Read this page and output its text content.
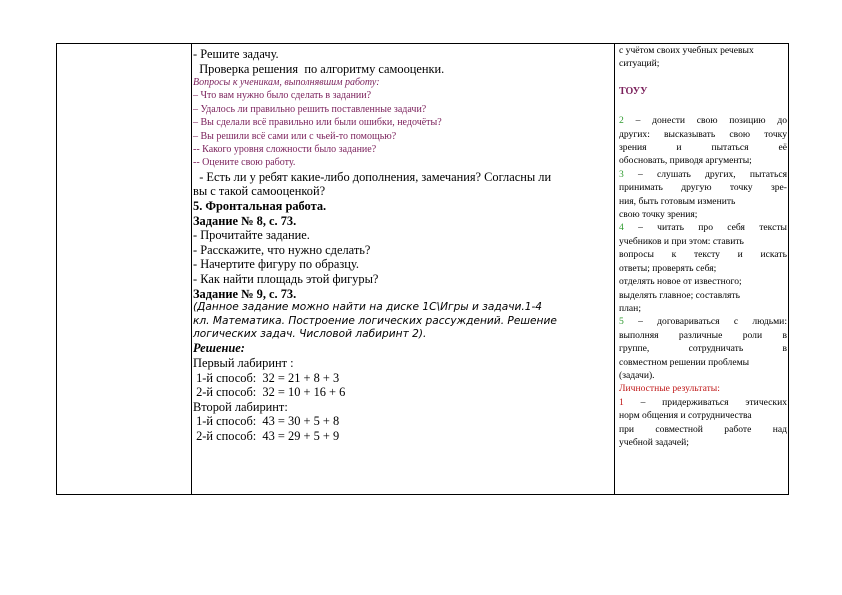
- Решите задачу.
Проверка решения  по алгоритму самооценки.
Вопросы к ученикам, выполнявшим работу:
– Что вам нужно было сделать в задании?
– Удалось ли правильно решить поставленные задачи?
– Вы сделали всё правильно или были ошибки, недочёты?
– Вы решили всё сами или с чьей-то помощью?
-- Какого уровня сложности было задание?
-- Оцените свою работу.
- Есть ли у ребят какие-либо дополнения, замечания? Согласны ли
вы с такой самооценкой?
5. Фронтальная работа.
Задание № 8, с. 73.
- Прочитайте задание.
- Расскажите, что нужно сделать?
- Начертите фигуру по образцу.
- Как найти площадь этой фигуры?
Задание № 9, с. 73.
(Данное задание можно найти на диске 1С\Игры и задачи.1-4
кл. Математика. Построение логических рассуждений. Решение
логических задач. Числовой лабиринт 2).
Решение:
Первый лабиринт :
1-й способ:  32 = 21 + 8 + 3
2-й способ:  32 = 10 + 16 + 6
Второй лабиринт:
1-й способ:  43 = 30 + 5 + 8
2-й способ:  43 = 29 + 5 + 9
с учётом своих учебных речевых
ситуаций;
ТОУУ
2 – донести свою позицию до
других: высказывать свою точку
зрения и пытаться её
обосновать, приводя аргументы;
3 – слушать других, пытаться
принимать другую точку зре-
ния, быть готовым изменить
свою точку зрения;
4 – читать про себя тексты
учебников и при этом: ставить
вопросы к тексту и искать
ответы; проверять себя;
отделять новое от известного;
выделять главное; составлять
план;
5 – договариваться с людьми:
выполняя различные роли в
группе, сотрудничать в
совместном решении проблемы
(задачи).
Личностные результаты:
1 – придерживаться этических
норм общения и сотрудничества
при совместной работе над
учебной задачей;
